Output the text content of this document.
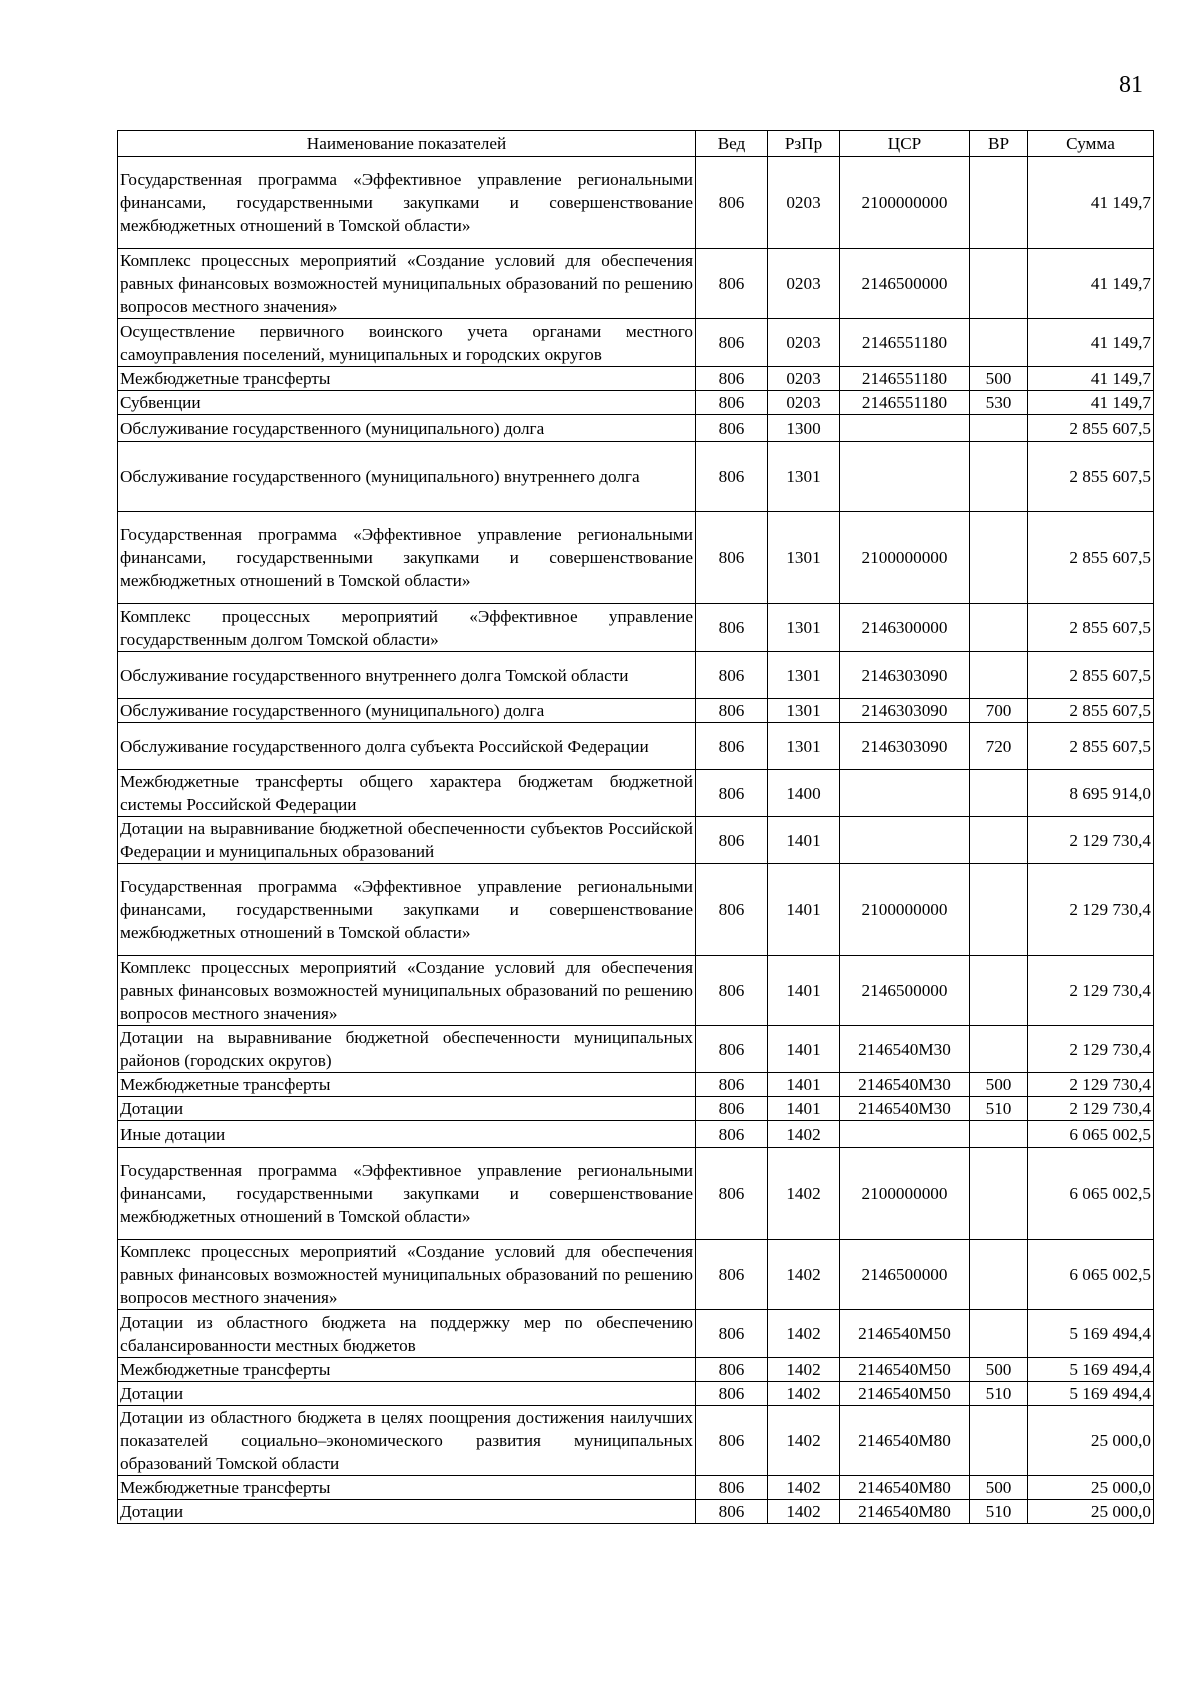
81
Наименование показателей	Вед	РзПр	ЦСР	ВР	Сумма
Государственная программа «Эффективное управление региональными финансами, государственными закупками и совершенствование межбюджетных отношений в Томской области»	806	0203	2100000000		41 149,7
Комплекс процессных мероприятий «Создание условий для обеспечения равных финансовых возможностей муниципальных образований по решению вопросов местного значения»	806	0203	2146500000		41 149,7
Осуществление первичного воинского учета органами местного самоуправления поселений, муниципальных и городских округов	806	0203	2146551180		41 149,7
Межбюджетные трансферты	806	0203	2146551180	500	41 149,7
Субвенции	806	0203	2146551180	530	41 149,7
Обслуживание государственного (муниципального) долга	806	1300			2 855 607,5
Обслуживание государственного (муниципального) внутреннего долга	806	1301			2 855 607,5
Государственная программа «Эффективное управление региональными финансами, государственными закупками и совершенствование межбюджетных отношений в Томской области»	806	1301	2100000000		2 855 607,5
Комплекс процессных мероприятий «Эффективное управление государственным долгом Томской области»	806	1301	2146300000		2 855 607,5
Обслуживание государственного внутреннего долга Томской области	806	1301	2146303090		2 855 607,5
Обслуживание государственного (муниципального) долга	806	1301	2146303090	700	2 855 607,5
Обслуживание государственного долга субъекта Российской Федерации	806	1301	2146303090	720	2 855 607,5
Межбюджетные трансферты общего характера бюджетам бюджетной системы Российской Федерации	806	1400			8 695 914,0
Дотации на выравнивание бюджетной обеспеченности субъектов Российской Федерации и муниципальных образований	806	1401			2 129 730,4
Государственная программа «Эффективное управление региональными финансами, государственными закупками и совершенствование межбюджетных отношений в Томской области»	806	1401	2100000000		2 129 730,4
Комплекс процессных мероприятий «Создание условий для обеспечения равных финансовых возможностей муниципальных образований по решению вопросов местного значения»	806	1401	2146500000		2 129 730,4
Дотации на выравнивание бюджетной обеспеченности муниципальных районов (городских округов)	806	1401	2146540M30		2 129 730,4
Межбюджетные трансферты	806	1401	2146540M30	500	2 129 730,4
Дотации	806	1401	2146540M30	510	2 129 730,4
Иные дотации	806	1402			6 065 002,5
Государственная программа «Эффективное управление региональными финансами, государственными закупками и совершенствование межбюджетных отношений в Томской области»	806	1402	2100000000		6 065 002,5
Комплекс процессных мероприятий «Создание условий для обеспечения равных финансовых возможностей муниципальных образований по решению вопросов местного значения»	806	1402	2146500000		6 065 002,5
Дотации из областного бюджета на поддержку мер по обеспечению сбалансированности местных бюджетов	806	1402	2146540M50		5 169 494,4
Межбюджетные трансферты	806	1402	2146540M50	500	5 169 494,4
Дотации	806	1402	2146540M50	510	5 169 494,4
Дотации из областного бюджета в целях поощрения достижения наилучших показателей социально–экономического развития муниципальных образований Томской области	806	1402	2146540M80		25 000,0
Межбюджетные трансферты	806	1402	2146540M80	500	25 000,0
Дотации	806	1402	2146540M80	510	25 000,0
